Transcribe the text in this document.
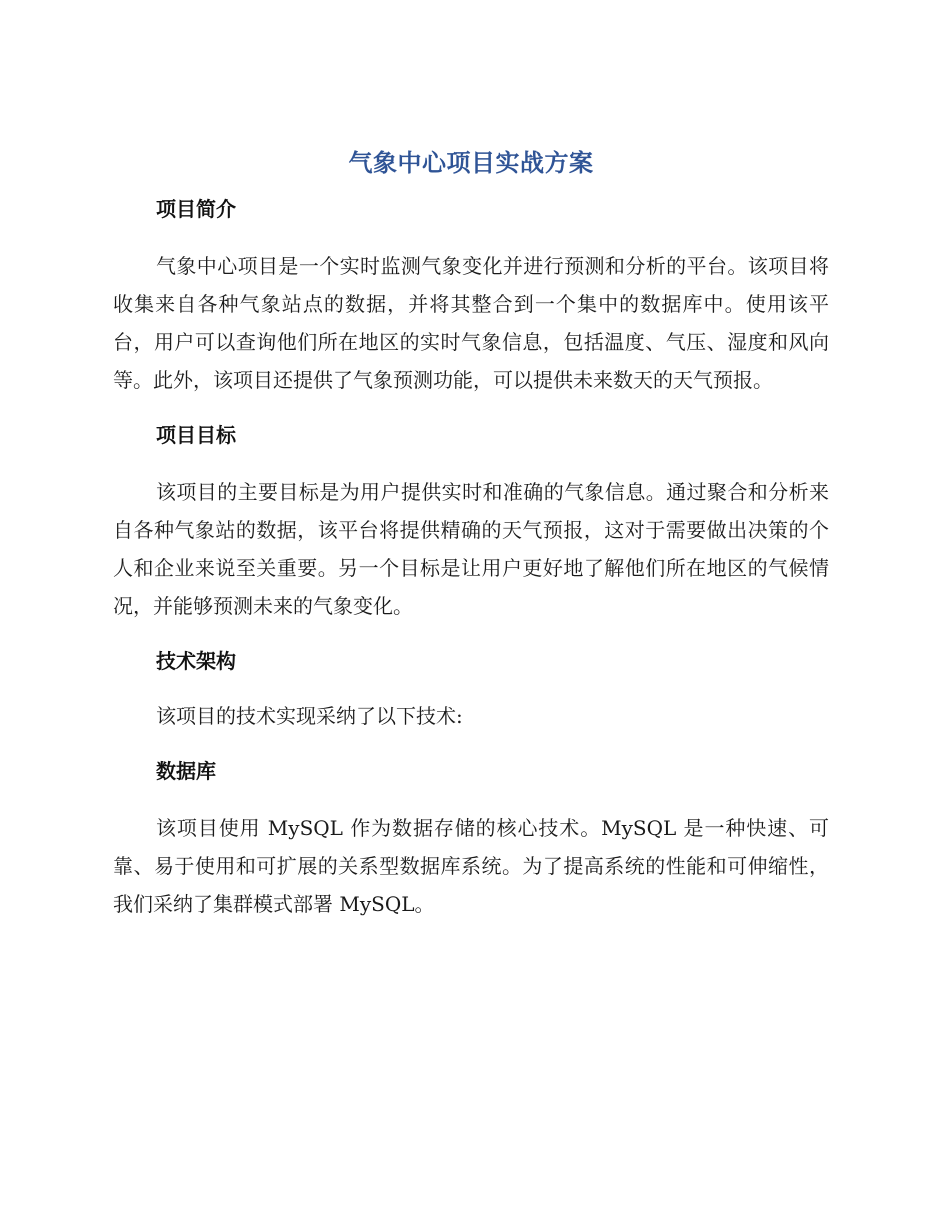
气象中心项目实战方案
项目简介

气象中心项目是一个实时监测气象变化并进行预测和分析的平台。该项目将收集来自各种气象站点的数据，并将其整合到一个集中的数据库中。使用该平台，用户可以查询他们所在地区的实时气象信息，包括温度、气压、湿度和风向等。此外，该项目还提供了气象预测功能，可以提供未来数天的天气预报。

项目目标

该项目的主要目标是为用户提供实时和准确的气象信息。通过聚合和分析来自各种气象站的数据，该平台将提供精确的天气预报，这对于需要做出决策的个人和企业来说至关重要。另一个目标是让用户更好地了解他们所在地区的气候情况，并能够预测未来的气象变化。

技术架构

该项目的技术实现采纳了以下技术:

数据库

该项目使用 MySQL 作为数据存储的核心技术。MySQL 是一种快速、可靠、易于使用和可扩展的关系型数据库系统。为了提高系统的性能和可伸缩性，我们采纳了集群模式部署 MySQL。
